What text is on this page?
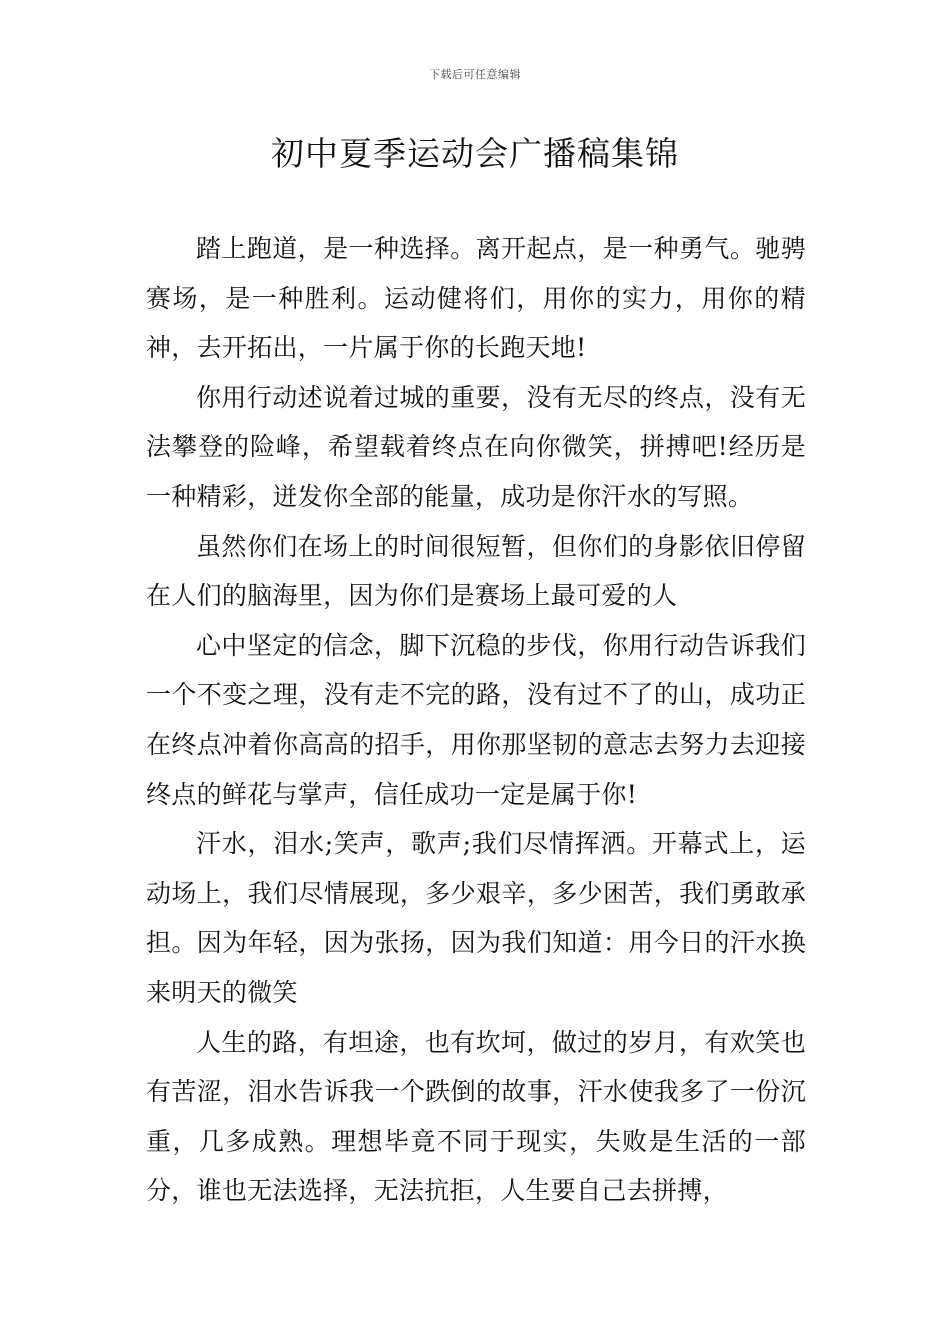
下载后可任意编辑
初中夏季运动会广播稿集锦

踏上跑道，是一种选择。离开起点，是一种勇气。驰骋赛场，是一种胜利。运动健将们，用你的实力，用你的精神，去开拓出，一片属于你的长跑天地!

你用行动述说着过城的重要，没有无尽的终点，没有无法攀登的险峰，希望载着终点在向你微笑，拼搏吧!经历是一种精彩，迸发你全部的能量，成功是你汗水的写照。

虽然你们在场上的时间很短暂，但你们的身影依旧停留在人们的脑海里，因为你们是赛场上最可爱的人

心中坚定的信念，脚下沉稳的步伐，你用行动告诉我们一个不变之理，没有走不完的路，没有过不了的山，成功正在终点冲着你高高的招手，用你那坚韧的意志去努力去迎接终点的鲜花与掌声，信任成功一定是属于你!

汗水，泪水;笑声，歌声;我们尽情挥洒。开幕式上，运动场上，我们尽情展现，多少艰辛，多少困苦，我们勇敢承担。因为年轻，因为张扬，因为我们知道：用今日的汗水换来明天的微笑

人生的路，有坦途，也有坎坷，做过的岁月，有欢笑也有苦涩，泪水告诉我一个跌倒的故事，汗水使我多了一份沉重，几多成熟。理想毕竟不同于现实，失败是生活的一部分，谁也无法选择，无法抗拒，人生要自己去拼搏，
